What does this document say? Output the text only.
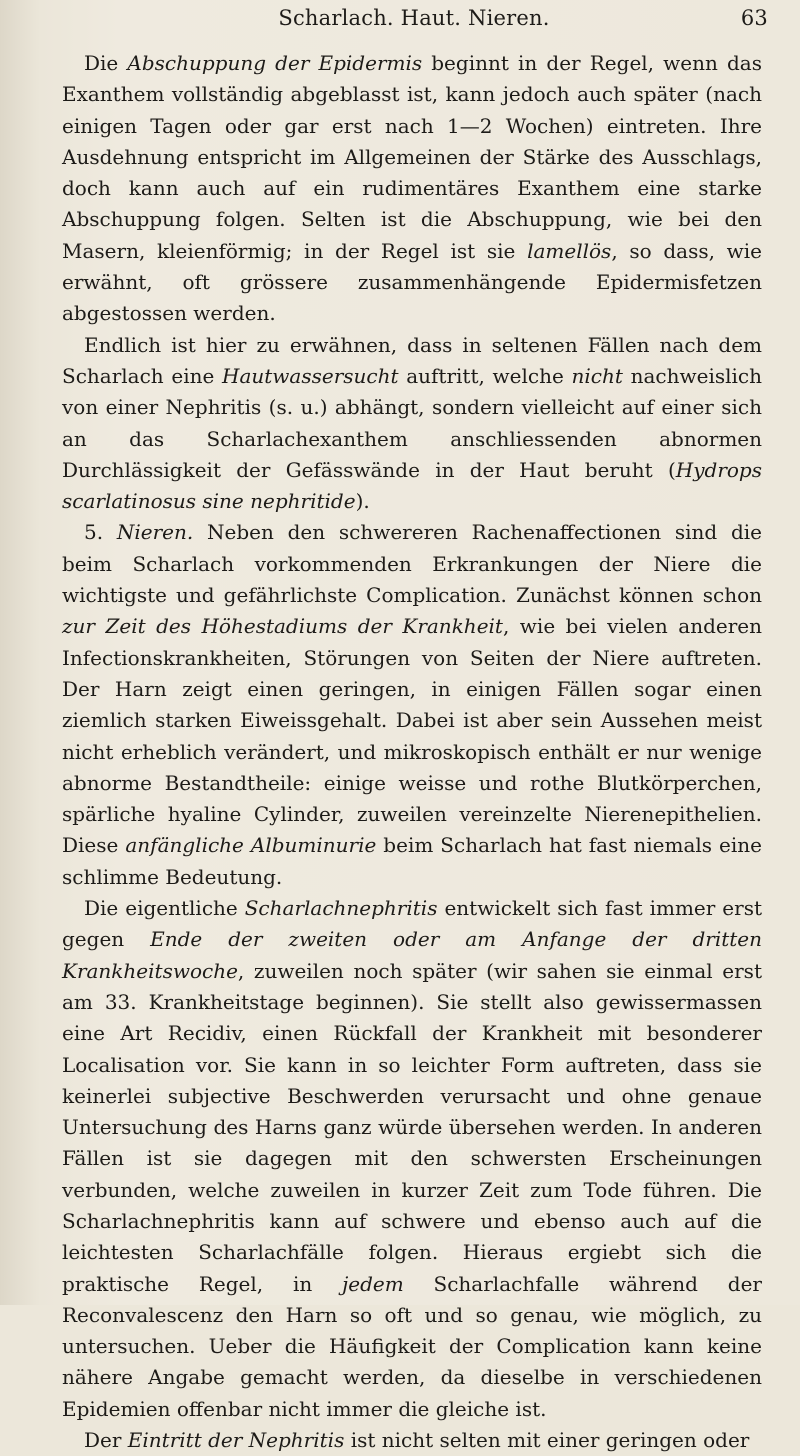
Scharlach. Haut. Nieren.	63

Die Abschuppung der Epidermis beginnt in der Regel, wenn das Exanthem vollständig abgeblasst ist, kann jedoch auch später (nach einigen Tagen oder gar erst nach 1—2 Wochen) eintreten. Ihre Ausdehnung entspricht im Allgemeinen der Stärke des Ausschlags, doch kann auch auf ein rudimentäres Exanthem eine starke Abschuppung folgen. Selten ist die Abschuppung, wie bei den Masern, kleienförmig; in der Regel ist sie lamellös, so dass, wie erwähnt, oft grössere zusammenhängende Epidermisfetzen abgestossen werden.

Endlich ist hier zu erwähnen, dass in seltenen Fällen nach dem Scharlach eine Hautwassersucht auftritt, welche nicht nachweislich von einer Nephritis (s. u.) abhängt, sondern vielleicht auf einer sich an das Scharlachexanthem anschliessenden abnormen Durchlässigkeit der Gefässwände in der Haut beruht (Hydrops scarlatinosus sine nephritide).

5. Nieren. Neben den schwereren Rachenaffectionen sind die beim Scharlach vorkommenden Erkrankungen der Niere die wichtigste und gefährlichste Complication. Zunächst können schon zur Zeit des Höhestadiums der Krankheit, wie bei vielen anderen Infectionskrankheiten, Störungen von Seiten der Niere auftreten. Der Harn zeigt einen geringen, in einigen Fällen sogar einen ziemlich starken Eiweissgehalt. Dabei ist aber sein Aussehen meist nicht erheblich verändert, und mikroskopisch enthält er nur wenige abnorme Bestandtheile: einige weisse und rothe Blutkörperchen, spärliche hyaline Cylinder, zuweilen vereinzelte Nierenepithelien. Diese anfängliche Albuminurie beim Scharlach hat fast niemals eine schlimme Bedeutung.

Die eigentliche Scharlachnephritis entwickelt sich fast immer erst gegen Ende der zweiten oder am Anfange der dritten Krankheitswoche, zuweilen noch später (wir sahen sie einmal erst am 33. Krankheitstage beginnen). Sie stellt also gewissermassen eine Art Recidiv, einen Rückfall der Krankheit mit besonderer Localisation vor. Sie kann in so leichter Form auftreten, dass sie keinerlei subjective Beschwerden verursacht und ohne genaue Untersuchung des Harns ganz würde übersehen werden. In anderen Fällen ist sie dagegen mit den schwersten Erscheinungen verbunden, welche zuweilen in kurzer Zeit zum Tode führen. Die Scharlachnephritis kann auf schwere und ebenso auch auf die leichtesten Scharlachfälle folgen. Hieraus ergiebt sich die praktische Regel, in jedem Scharlachfalle während der Reconvalescenz den Harn so oft und so genau, wie möglich, zu untersuchen. Ueber die Häufigkeit der Complication kann keine nähere Angabe gemacht werden, da dieselbe in verschiedenen Epidemien offenbar nicht immer die gleiche ist.

Der Eintritt der Nephritis ist nicht selten mit einer geringen oder
